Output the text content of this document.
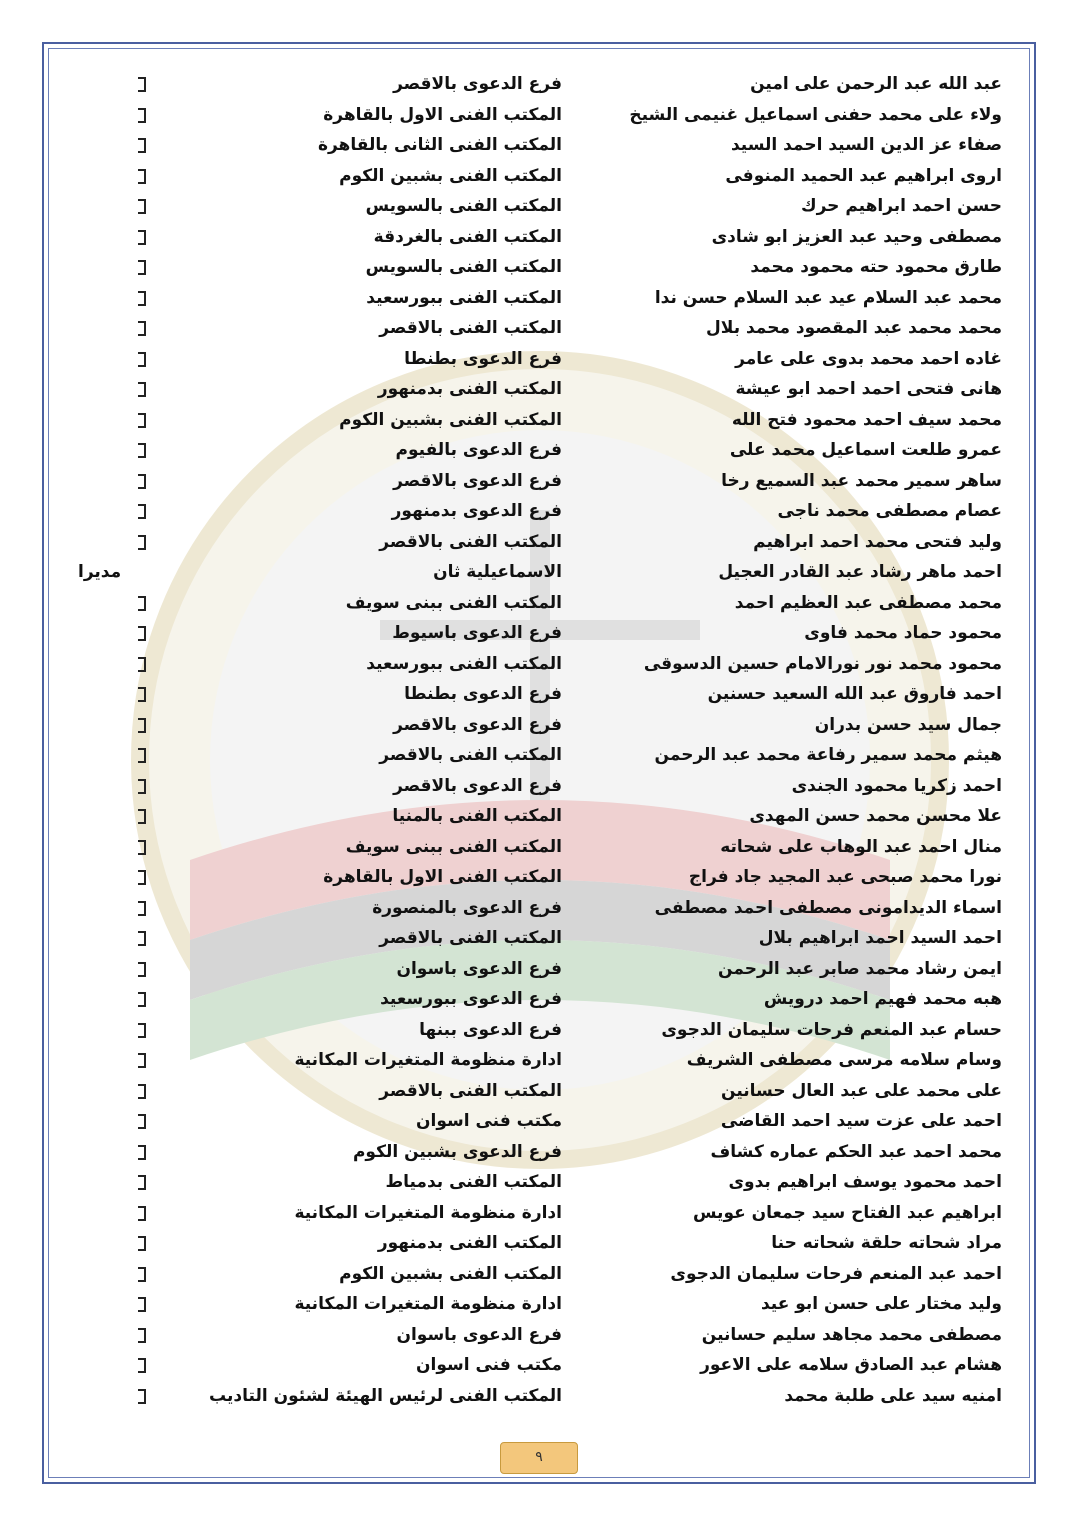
عبد الله عبد الرحمن على امين
فرع الدعوى بالاقصر
ولاء على محمد حفنى اسماعيل غنيمى الشيخ
المكتب الفنى الاول بالقاهرة
صفاء عز الدين السيد احمد السيد
المكتب الفنى الثانى بالقاهرة
اروى ابراهيم عبد الحميد المنوفى
المكتب الفنى بشبين الكوم
حسن احمد ابراهيم حرك
المكتب الفنى بالسويس
مصطفى وحيد عبد العزيز ابو شادى
المكتب الفنى بالغردقة
طارق محمود حته محمود محمد
المكتب الفنى بالسويس
محمد عبد السلام عيد عبد السلام حسن ندا
المكتب الفنى ببورسعيد
محمد محمد عبد المقصود محمد بلال
المكتب الفنى بالاقصر
غاده احمد محمد بدوى على عامر
فرع الدعوى بطنطا
هانى فتحى احمد احمد ابو عيشة
المكتب الفنى بدمنهور
محمد سيف احمد محمود فتح الله
المكتب الفنى بشبين الكوم
عمرو طلعت اسماعيل محمد على
فرع الدعوى بالفيوم
ساهر سمير محمد عبد السميع رخا
فرع الدعوى بالاقصر
عصام مصطفى محمد ناجى
فرع الدعوى بدمنهور
وليد فتحى محمد احمد ابراهيم
المكتب الفنى بالاقصر
احمد ماهر رشاد عبد القادر العجيل
الاسماعيلية ثان
مديرا
محمد مصطفى عبد العظيم احمد
المكتب الفنى ببنى سويف
محمود حماد محمد فاوى
فرع الدعوى باسيوط
محمود محمد نور نورالامام حسين الدسوقى
المكتب الفنى ببورسعيد
احمد فاروق عبد الله السعيد حسنين
فرع الدعوى بطنطا
جمال سيد حسن بدران
فرع الدعوى بالاقصر
هيثم محمد سمير رفاعة محمد عبد الرحمن
المكتب الفنى بالاقصر
احمد زكريا محمود الجندى
فرع الدعوى بالاقصر
علا محسن محمد حسن المهدى
المكتب الفنى بالمنيا
منال احمد عبد الوهاب على شحاته
المكتب الفنى ببنى سويف
نورا محمد صبحى عبد المجيد جاد فراج
المكتب الفنى الاول بالقاهرة
اسماء الديدامونى مصطفى احمد مصطفى
فرع الدعوى بالمنصورة
احمد السيد احمد ابراهيم بلال
المكتب الفنى بالاقصر
ايمن رشاد محمد صابر عبد الرحمن
فرع الدعوى باسوان
هبه محمد فهيم احمد درويش
فرع الدعوى ببورسعيد
حسام عبد المنعم فرحات سليمان الدجوى
فرع الدعوى ببنها
وسام سلامه مرسى مصطفى الشريف
ادارة منظومة المتغيرات المكانية
على محمد على عبد العال حسانين
المكتب الفنى بالاقصر
احمد على عزت سيد احمد القاضى
مكتب فنى اسوان
محمد احمد عبد الحكم عماره كشاف
فرع الدعوى بشبين الكوم
احمد محمود يوسف ابراهيم بدوى
المكتب الفنى بدمياط
ابراهيم عبد الفتاح سيد جمعان عويس
ادارة منظومة المتغيرات المكانية
مراد شحاته حلقة شحاته حنا
المكتب الفنى بدمنهور
احمد عبد المنعم فرحات سليمان الدجوى
المكتب الفنى بشبين الكوم
وليد مختار على حسن ابو عيد
ادارة منظومة المتغيرات المكانية
مصطفى محمد مجاهد سليم حسانين
فرع الدعوى باسوان
هشام عبد الصادق سلامه على الاعور
مكتب فنى اسوان
امنيه سيد على طلبة محمد
المكتب الفنى لرئيس الهيئة لشئون التاديب
٩
